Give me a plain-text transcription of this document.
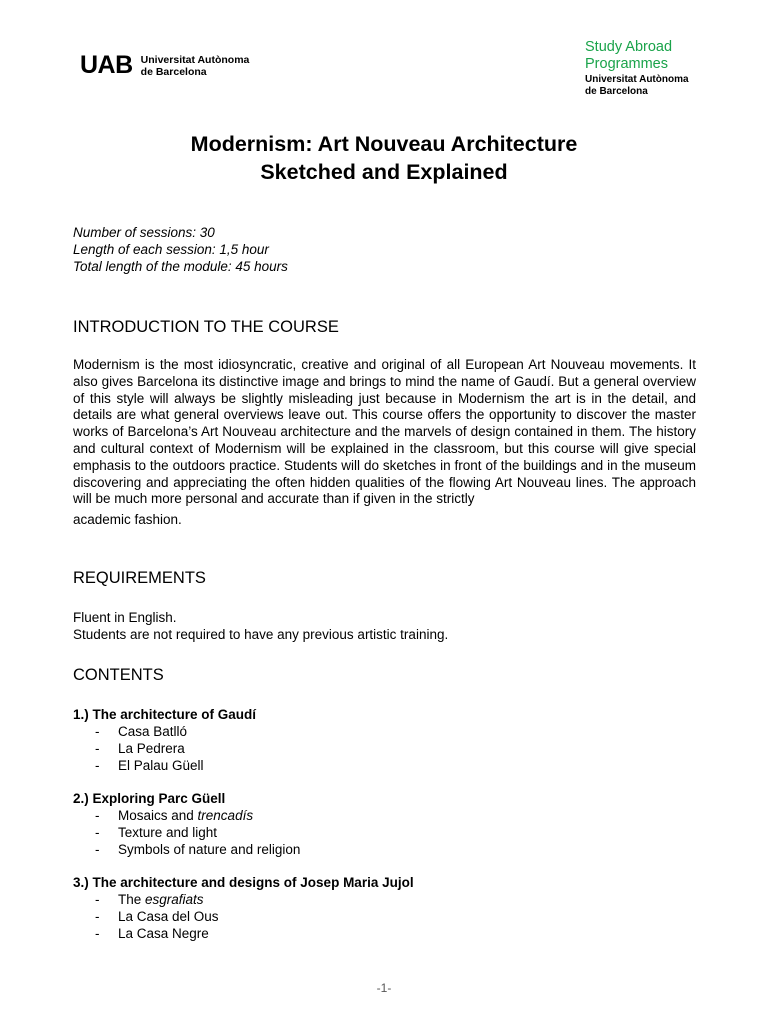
UAB Universitat Autònoma
de Barcelona
Study Abroad
Programmes
Universitat Autònoma
de Barcelona
Modernism: Art Nouveau Architecture
Sketched and Explained
Number of sessions: 30
Length of each session: 1,5 hour
Total length of the module: 45 hours
INTRODUCTION TO THE COURSE
Modernism is the most idiosyncratic, creative and original of all European Art Nouveau movements. It also gives Barcelona its distinctive image and brings to mind the name of Gaudí. But a general overview of this style will always be slightly misleading just because in Modernism the art is in the detail, and details are what general overviews leave out. This course offers the opportunity to discover the master works of Barcelona’s Art Nouveau architecture and the marvels of design contained in them. The history and cultural context of Modernism will be explained in the classroom, but this course will give special emphasis to the outdoors practice. Students will do sketches in front of the buildings and in the museum discovering and appreciating the often hidden qualities of the flowing Art Nouveau lines. The approach will be much more personal and accurate than if given in the strictly
academic fashion.
REQUIREMENTS
Fluent in English.
Students are not required to have any previous artistic training.
CONTENTS
1.) The architecture of Gaudí
- Casa Batlló
- La Pedrera
- El Palau Güell
2.) Exploring Parc Güell
- Mosaics and trencadís
- Texture and light
- Symbols of nature and religion
3.) The architecture and designs of Josep Maria Jujol
- The esgrafiats
- La Casa del Ous
- La Casa Negre
-1-
